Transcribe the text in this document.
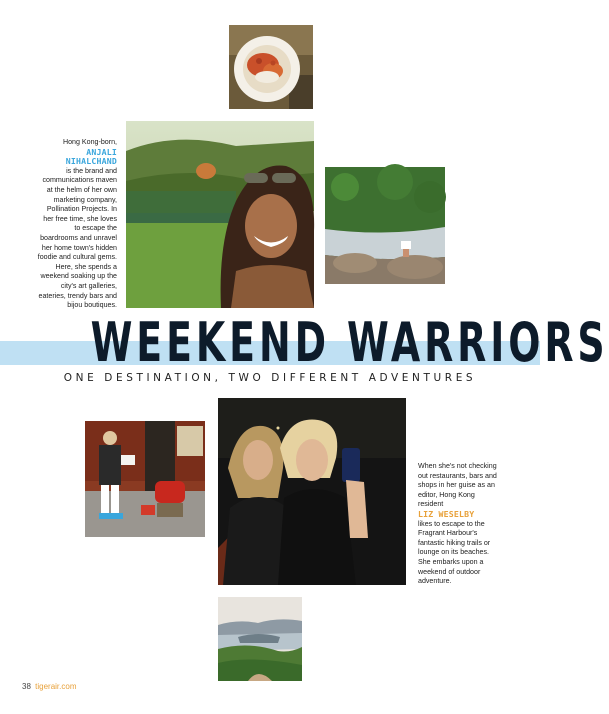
Hong Kong-born,

ANJALI NIHALCHAND

is the brand and communications maven at the helm of her own marketing company, Pollination Projects. In her free time, she loves to escape the boardrooms and unravel her home town's hidden foodie and cultural gems. Here, she spends a weekend soaking up the city's art galleries, eateries, trendy bars and bijou boutiques.

WEEKEND WARRIORS
ONE DESTINATION, TWO DIFFERENT ADVENTURES

When she's not checking out restaurants, bars and shops in her guise as an editor, Hong Kong resident

LIZ WESELBY

likes to escape to the Fragrant Harbour's fantastic hiking trails or lounge on its beaches. She embarks upon a weekend of outdoor adventure.

38 tigerair.com
